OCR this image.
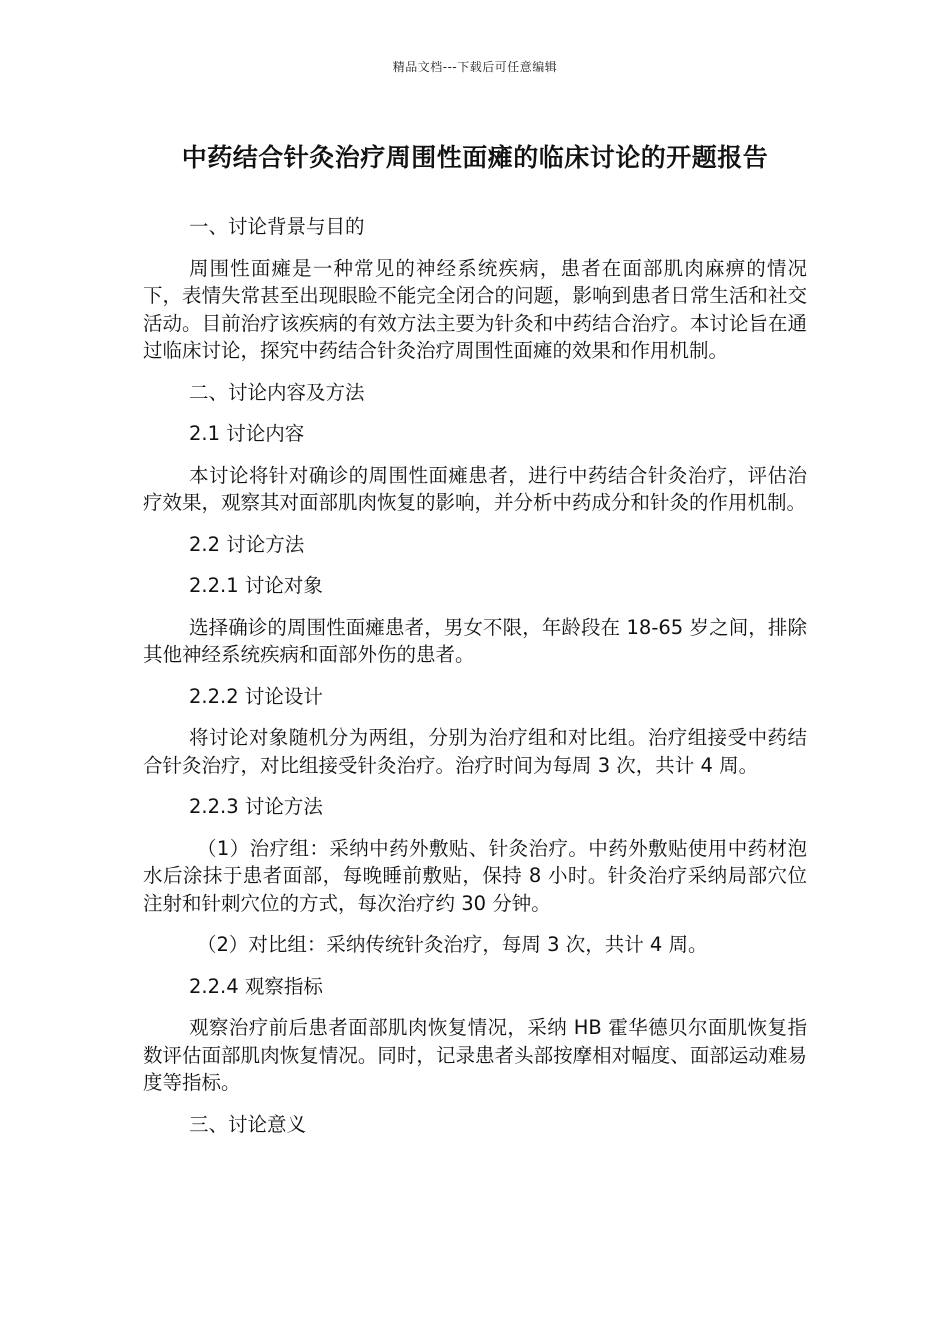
精品文档---下载后可任意编辑
中药结合针灸治疗周围性面瘫的临床讨论的开题报告

一、讨论背景与目的

周围性面瘫是一种常见的神经系统疾病，患者在面部肌肉麻痹的情况下，表情失常甚至出现眼睑不能完全闭合的问题，影响到患者日常生活和社交活动。目前治疗该疾病的有效方法主要为针灸和中药结合治疗。本讨论旨在通过临床讨论，探究中药结合针灸治疗周围性面瘫的效果和作用机制。

二、讨论内容及方法

2.1 讨论内容

本讨论将针对确诊的周围性面瘫患者，进行中药结合针灸治疗，评估治疗效果，观察其对面部肌肉恢复的影响，并分析中药成分和针灸的作用机制。

2.2 讨论方法

2.2.1 讨论对象

选择确诊的周围性面瘫患者，男女不限，年龄段在 18-65 岁之间，排除其他神经系统疾病和面部外伤的患者。

2.2.2 讨论设计

将讨论对象随机分为两组，分别为治疗组和对比组。治疗组接受中药结合针灸治疗，对比组接受针灸治疗。治疗时间为每周 3 次，共计 4 周。

2.2.3 讨论方法

（1）治疗组：采纳中药外敷贴、针灸治疗。中药外敷贴使用中药材泡水后涂抹于患者面部，每晚睡前敷贴，保持 8 小时。针灸治疗采纳局部穴位注射和针刺穴位的方式，每次治疗约 30 分钟。

（2）对比组：采纳传统针灸治疗，每周 3 次，共计 4 周。

2.2.4 观察指标

观察治疗前后患者面部肌肉恢复情况，采纳 HB 霍华德贝尔面肌恢复指数评估面部肌肉恢复情况。同时，记录患者头部按摩相对幅度、面部运动难易度等指标。

三、讨论意义
